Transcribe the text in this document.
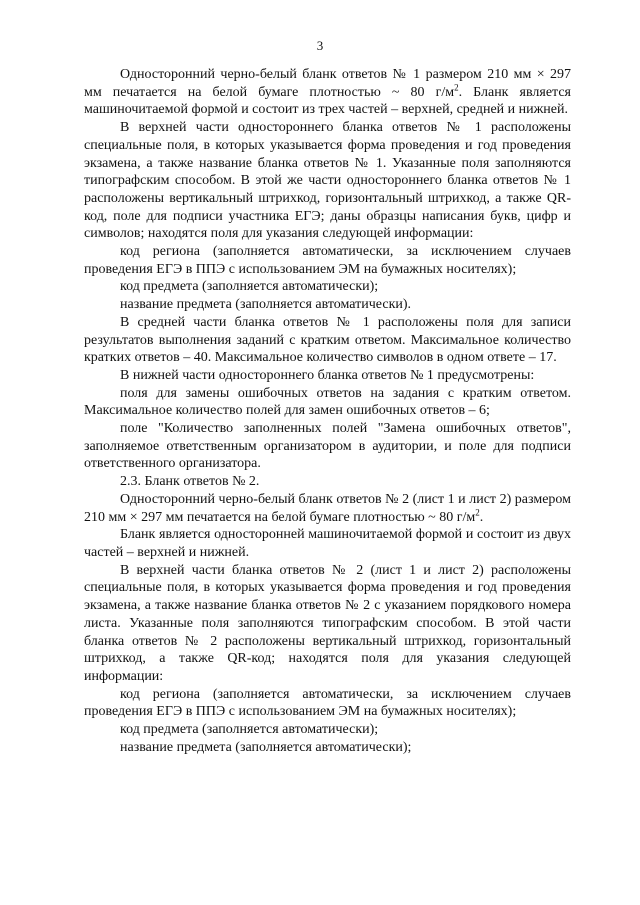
3

Односторонний черно-белый бланк ответов № 1 размером 210 мм × 297 мм печатается на белой бумаге плотностью ~ 80 $г/м^2$. Бланк является машиночитаемой формой и состоит из трех частей – верхней, средней и нижней.

В верхней части одностороннего бланка ответов № 1 расположены специальные поля, в которых указывается форма проведения и год проведения экзамена, а также название бланка ответов № 1. Указанные поля заполняются типографским способом. В этой же части одностороннего бланка ответов № 1 расположены вертикальный штрихкод, горизонтальный штрихкод, а также QR-код, поле для подписи участника ЕГЭ; даны образцы написания букв, цифр и символов; находятся поля для указания следующей информации:

код региона (заполняется автоматически, за исключением случаев проведения ЕГЭ в ППЭ с использованием ЭМ на бумажных носителях);

код предмета (заполняется автоматически);

название предмета (заполняется автоматически).

В средней части бланка ответов № 1 расположены поля для записи результатов выполнения заданий с кратким ответом. Максимальное количество кратких ответов – 40. Максимальное количество символов в одном ответе – 17.

В нижней части одностороннего бланка ответов № 1 предусмотрены:

поля для замены ошибочных ответов на задания с кратким ответом. Максимальное количество полей для замен ошибочных ответов – 6;

поле "Количество заполненных полей "Замена ошибочных ответов", заполняемое ответственным организатором в аудитории, и поле для подписи ответственного организатора.

2.3. Бланк ответов № 2.

Односторонний черно-белый бланк ответов № 2 (лист 1 и лист 2) размером 210 мм × 297 мм печатается на белой бумаге плотностью ~ 80 $г/м^2$.

Бланк является односторонней машиночитаемой формой и состоит из двух частей – верхней и нижней.

В верхней части бланка ответов № 2 (лист 1 и лист 2) расположены специальные поля, в которых указывается форма проведения и год проведения экзамена, а также название бланка ответов № 2 с указанием порядкового номера листа. Указанные поля заполняются типографским способом. В этой части бланка ответов № 2 расположены вертикальный штрихкод, горизонтальный штрихкод, а также QR-код; находятся поля для указания следующей информации:

код региона (заполняется автоматически, за исключением случаев проведения ЕГЭ в ППЭ с использованием ЭМ на бумажных носителях);

код предмета (заполняется автоматически);

название предмета (заполняется автоматически);
